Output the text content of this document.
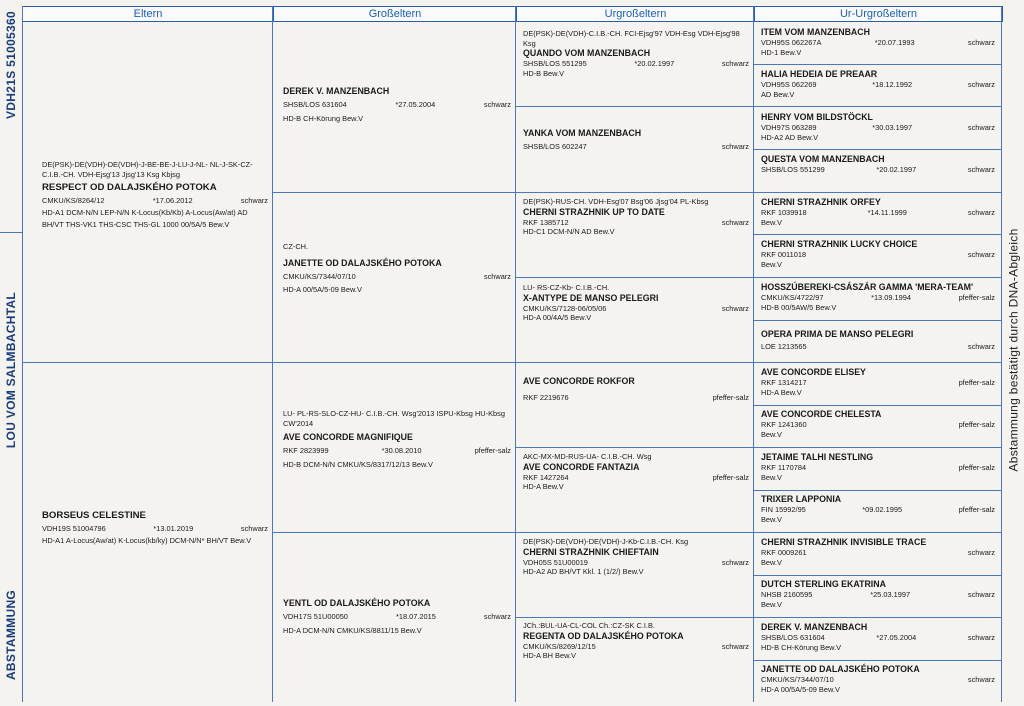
VDH21S 51005360
LOU VOM SALMBACHTAL
ABSTAMMUNG
Abstammung bestätigt durch DNA-Abgleich
Eltern	Großeltern	Urgroßeltern	Ur-Urgroßeltern
DE(PSK)-DE(VDH)-DE(VDH)-J-BE-BE-J-LU-J-NL- NL-J-SK-CZ-C.I.B.-CH. VDH-Ejsg'13 Jjsg'13 Ksg Kbjsg
RESPECT OD DALAJSKÉHO POTOKA
CMKU/KS/8264/12	*17.06.2012	schwarz
HD-A1 DCM-N/N LEP-N/N K-Locus(Kb/Kb) A-Locus(Aw/at) AD BH/VT THS-VK1 THS-CSC THS-GL 1000 00/5A/5 Bew.V
BORSEUS CELESTINE
VDH19S 51004796	*13.01.2019	schwarz
HD-A1 A-Locus(Aw/at) K-Locus(kb/ky) DCM-N/N* BH/VT Bew.V
DEREK V. MANZENBACH
SHSB/LOS 631604	*27.05.2004	schwarz
HD-B CH-Körung Bew.V
CZ-CH.
JANETTE OD DALAJSKÉHO POTOKA
CMKU/KS/7344/07/10	schwarz
HD-A 00/5A/5-09 Bew.V
LU- PL-RS-SLO-CZ-HU- C.I.B.-CH. Wsg'2013 ISPU-Kbsg HU-Kbsg CW'2014
AVE CONCORDE MAGNIFIQUE
RKF 2823999	*30.08.2010	pfeffer-salz
HD-B DCM-N/N CMKU/KS/8317/12/13 Bew.V
YENTL OD DALAJSKÉHO POTOKA
VDH17S 51U00050	*18.07.2015	schwarz
HD-A DCM-N/N CMKU/KS/8811/15 Bew.V
DE(PSK)-DE(VDH)-C.I.B.-CH. FCI-Ejsg'97 VDH-Esg VDH-Ejsg'98 Ksg
QUANDO VOM MANZENBACH
SHSB/LOS 551295	*20.02.1997	schwarz
HD-B Bew.V
YANKA VOM MANZENBACH
SHSB/LOS 602247	schwarz
DE(PSK)-RUS-CH. VDH-Esg'07 Bsg'06 Jjsg'04 PL-Kbsg
CHERNI STRAZHNIK UP TO DATE
RKF 1385712	schwarz
HD-C1 DCM-N/N AD Bew.V
LU- RS-CZ-Kb- C.I.B.-CH.
X-ANTYPE DE MANSO PELEGRI
CMKU/KS/7128-06/05/06	schwarz
HD-A 00/4A/5 Bew.V
AVE CONCORDE ROKFOR
RKF 2219676	pfeffer-salz
AKC-MX-MD-RUS-UA- C.I.B.-CH. Wsg
AVE CONCORDE FANTAZIA
RKF 1427264	pfeffer-salz
HD-A Bew.V
DE(PSK)-DE(VDH)-DE(VDH)-J-Kb-C.I.B.-CH. Ksg
CHERNI STRAZHNIK CHIEFTAIN
VDH05S 51U00019	schwarz
HD-A2 AD BH/VT Kkl. 1 (1/2/) Bew.V
JCh.:BUL-UA-CL-COL Ch.:CZ-SK C.I.B.
REGENTA OD DALAJSKÉHO POTOKA
CMKU/KS/8269/12/15	schwarz
HD-A BH Bew.V
ITEM VOM MANZENBACH
VDH95S 062267A	*20.07.1993	schwarz
HD-1 Bew.V
HALIA HEDEIA DE PREAAR
VDH95S 062269	*18.12.1992	schwarz
AD Bew.V
HENRY VOM BILDSTÖCKL
VDH97S 063289	*30.03.1997	schwarz
HD-A2 AD Bew.V
QUESTA VOM MANZENBACH
SHSB/LOS 551299	*20.02.1997	schwarz
CHERNI STRAZHNIK ORFEY
RKF 1039918	*14.11.1999	schwarz
Bew.V
CHERNI STRAZHNIK LUCKY CHOICE
RKF 0011018	schwarz
Bew.V
HOSSZÚBEREKI-CSÁSZÁR GAMMA 'MERA-TEAM'
CMKU/KS/4722/97	*13.09.1994	pfeffer-salz
HD-B 00/5AW/5 Bew.V
OPERA PRIMA DE MANSO PELEGRI
LOE 1213565	schwarz
AVE CONCORDE ELISEY
RKF 1314217	pfeffer-salz
HD-A Bew.V
AVE CONCORDE CHELESTA
RKF 1241360	pfeffer-salz
Bew.V
JETAIME TALHI NESTLING
RKF 1170784	pfeffer-salz
Bew.V
TRIXER LAPPONIA
FIN 15992/95	*09.02.1995	pfeffer-salz
Bew.V
CHERNI STRAZHNIK INVISIBLE TRACE
RKF 0009261	schwarz
Bew.V
DUTCH STERLING EKATRINA
NHSB 2160595	*25.03.1997	schwarz
Bew.V
DEREK V. MANZENBACH
SHSB/LOS 631604	*27.05.2004	schwarz
HD-B CH-Körung Bew.V
JANETTE OD DALAJSKÉHO POTOKA
CMKU/KS/7344/07/10	schwarz
HD-A 00/5A/5-09 Bew.V
